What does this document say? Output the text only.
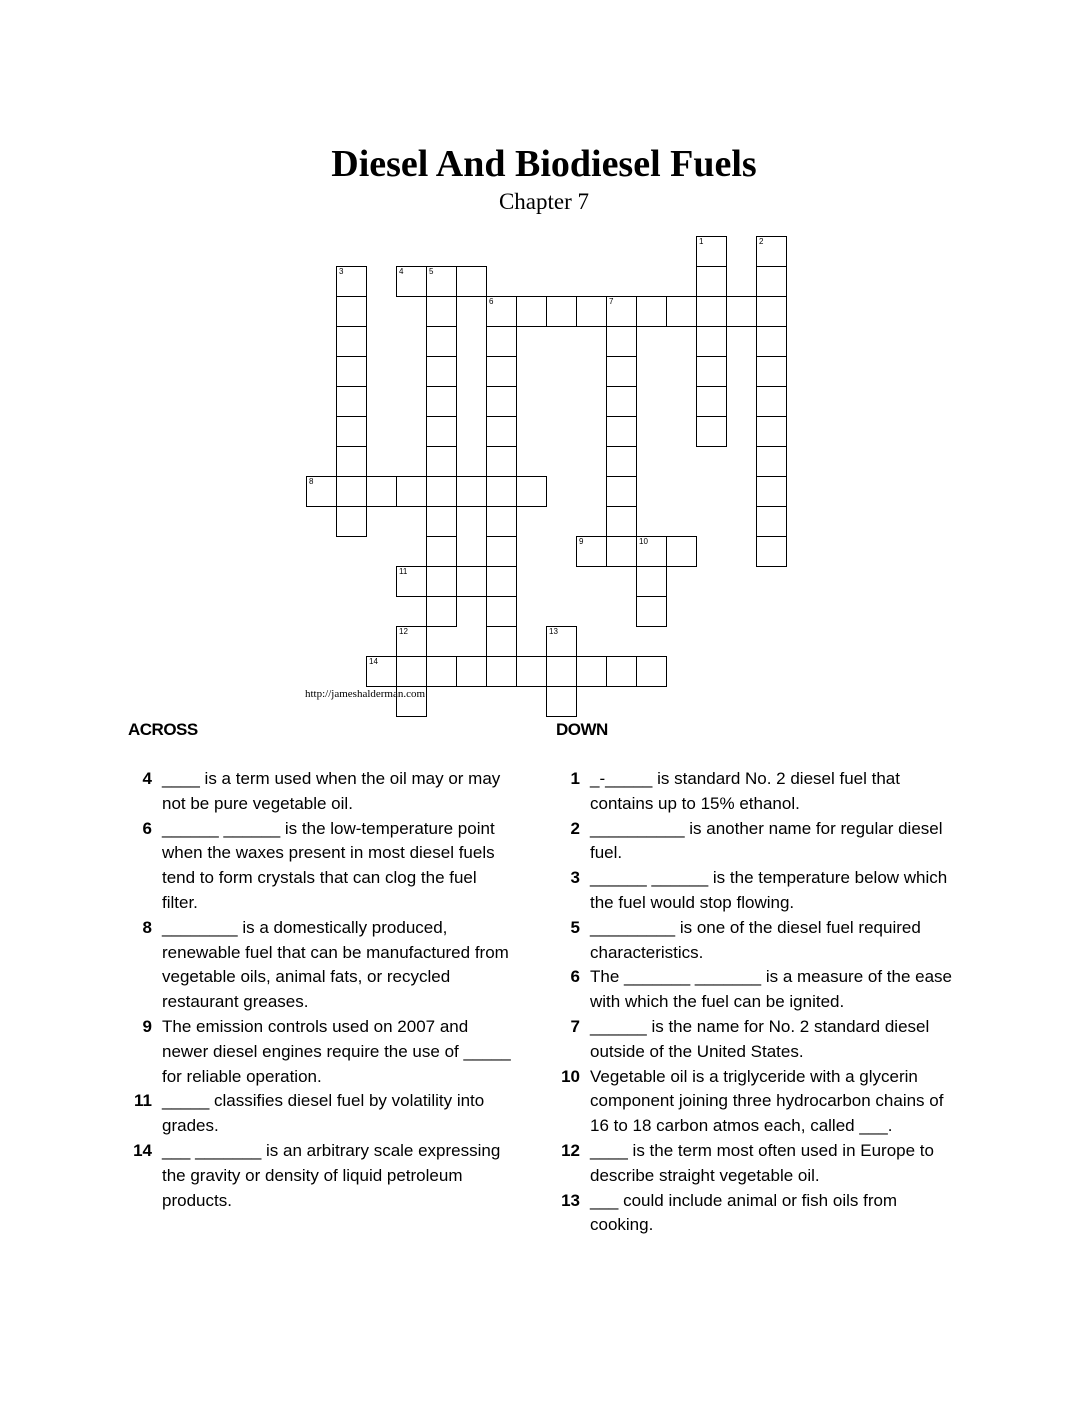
Diesel And Biodiesel Fuels
Chapter 7
1	2
3	4	5
6	7
8
9	10
11
12	13
14
http://jameshalderman.com
ACROSS	DOWN
4 ____ is a term used when the oil may or may not be pure vegetable oil.
6 ______ ______ is the low-temperature point when the waxes present in most diesel fuels tend to form crystals that can clog the fuel filter.
8 ________ is a domestically produced, renewable fuel that can be manufactured from vegetable oils, animal fats, or recycled restaurant greases.
9 The emission controls used on 2007 and newer diesel engines require the use of _____ for reliable operation.
11 _____ classifies diesel fuel by volatility into grades.
14 ___ _______ is an arbitrary scale expressing the gravity or density of liquid petroleum products.
1 _-_____ is standard No. 2 diesel fuel that contains up to 15% ethanol.
2 __________ is another name for regular diesel fuel.
3 ______ ______ is the temperature below which the fuel would stop flowing.
5 _________ is one of the diesel fuel required characteristics.
6 The _______ _______ is a measure of the ease with which the fuel can be ignited.
7 ______ is the name for No. 2 standard diesel outside of the United States.
10 Vegetable oil is a triglyceride with a glycerin component joining three hydrocarbon chains of 16 to 18 carbon atmos each, called ___.
12 ____ is the term most often used in Europe to describe straight vegetable oil.
13 ___ could include animal or fish oils from cooking.
